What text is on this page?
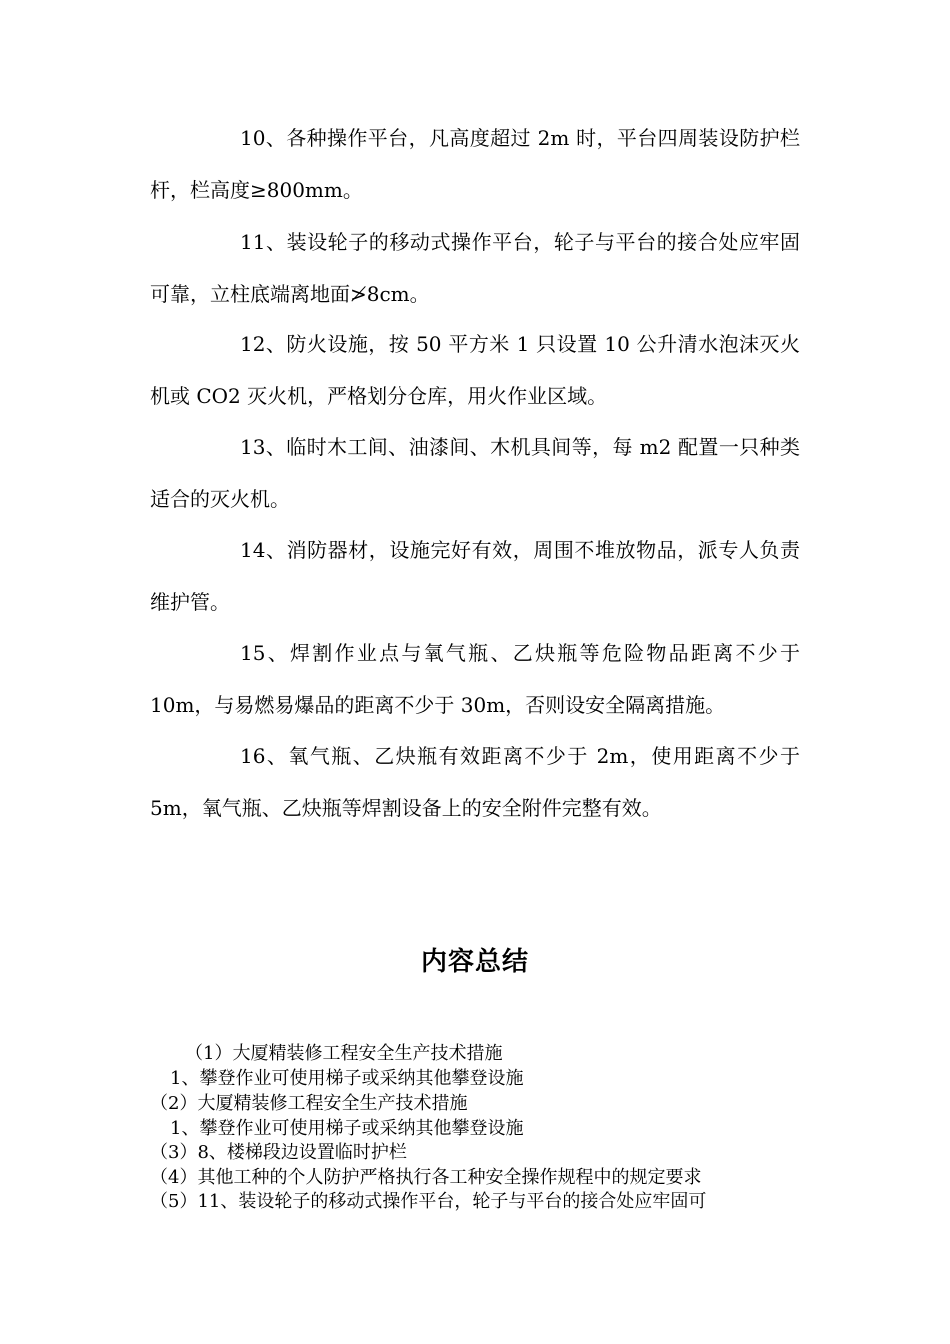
10、各种操作平台，凡高度超过 2m 时，平台四周装设防护栏杆，栏高度≥800mm。

11、装设轮子的移动式操作平台，轮子与平台的接合处应牢固可靠，立柱底端离地面≯8cm。

12、防火设施，按 50 平方米 1 只设置 10 公升清水泡沫灭火机或 CO2 灭火机，严格划分仓库，用火作业区域。

13、临时木工间、油漆间、木机具间等，每 m2 配置一只种类适合的灭火机。

14、消防器材，设施完好有效，周围不堆放物品，派专人负责维护管。

15、焊割作业点与氧气瓶、乙炔瓶等危险物品距离不少于 10m，与易燃易爆品的距离不少于 30m，否则设安全隔离措施。

16、氧气瓶、乙炔瓶有效距离不少于 2m，使用距离不少于 5m，氧气瓶、乙炔瓶等焊割设备上的安全附件完整有效。

内容总结

（1）大厦精装修工程安全生产技术措施

1、攀登作业可使用梯子或采纳其他攀登设施

（2）大厦精装修工程安全生产技术措施

1、攀登作业可使用梯子或采纳其他攀登设施

（3）8、楼梯段边设置临时护栏

（4）其他工种的个人防护严格执行各工种安全操作规程中的规定要求

（5）11、装设轮子的移动式操作平台，轮子与平台的接合处应牢固可
